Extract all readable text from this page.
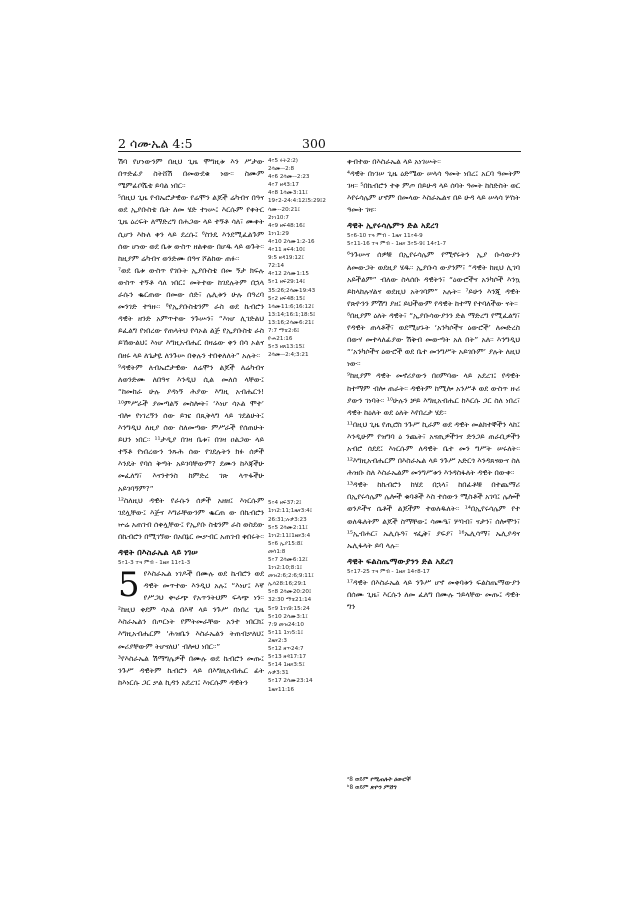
2 ሳሙኤል 4:5	300

ሽባ የሆነውንም በዚህ ጊዜ ሞግዚቱ እን ሥታው በጥድፊያ ስትሸሽ በመውደቁ ነው። ስሙም ሜምፊቦሼቴ ይባል ነበር።

⁵በዚህ ጊዜ የብኤሮታዊው የሬሞን ልጆች ሬካብና በዓና ወደ ኢያቡስቴ ቤት ለመ ሄድ ተነሡ፤ እርሱም የቀትር ጊዜ ዕረፍት ለማድረግ በሐጋው ላይ ተኝቶ ሳለ፣ ሙቀት ሲሆን እኩለ ቀን ላይ ደረሱ፤ ⁶ስንዴ እንደሚፈልጉም ሰው ሆነው ወደ ቤቱ ውስጥ ዘልቀው በሆዱ ላይ ወጉት። ከዚያም ሬካብና ወንድሙ በዓና ሾልከው ጠፉ።

⁷ወደ ቤቱ ውስጥ የገቡት ኢያቡስቴ በመ ኝታ ክፍሉ ውስጥ ተኝቶ ሳለ ነበር፤ መትተው ከገደሉትም በኋላ ራሱን ቈርጠው በመው ሰድ፣ ሌሊቱን ሁሉ በዓረባ መንገድ ተጓዙ። ⁸የኢያቡስቴንም ራስ ወደ ኬብሮን ዳዊት ዘንድ አምጥተው ንጉሡን፣ “እነሆ ሊገድልህ ይፈልግ የነበረው የጠላትህ የሳኦል ልጅ የኢያቡስቴ ራስ ይኸውልህ፤ እነሆ እግዚአብሔር በዛሬው ቀን በሳ ኦልና በዘሩ ላይ ለጌታዬ ለንጉሡ በቀሉን ተበቀለለት” አሉት።

⁹ዳዊትም ለብኤሮታዊው ለሬሞን ልጆች ለሬካብና ለወንድሙ ለበዓና እንዲህ ሲል መለሰ ላቸው፤ “ከመከራ ሁሉ ያዳነኝ ሕያው እግዚ አብሔርን! ¹⁰ምሥራች ያመጣልኝ መስሎት፣ ‘እነሆ ሳኦል ሞተ’ ብሎ የነገረኝን ሰው ይዤ በጺቅላግ ላይ ገደልሁት፤ እንግዲህ ለዚያ ሰው ስለመጣው ምሥራች የሰጠሁት ይህን ነበር። ¹¹ታዲያ በገዛ ቤቱ፣ በገዛ ዐልጋው ላይ ተኝቶ የነበረውን ንጹሕ ሰው የገደሉትን ክፉ ሰዎች እንዴት የባሰ ቅጣት አይገባቸውም? ደሙን ከእጃችሁ መፈለግ፣ እናንተንስ ከምድረ ገጽ ላጥፋችሁ አይገባኝም?”

¹²ስለዚህ ዳዊት የራሱን ሰዎች አዘዘ፤ እነርሱም ገደሏቸው፤ እጅና እግራቸውንም ቈርጠ ው በኬብሮን ኵሬ አጠገብ ሰቀሏቸው፤ የኢያቡ ስቴንም ራስ ወስደው በኬብሮን በሚገኘው በአበኔር መቃብር አጠገብ ቀበሩት።

ዳዊት በእስራኤል ላይ ነገሠ
5፥1-3 ተጓ ምብ - 1ዜና 11፥1-3
5 የእስራኤል ነገዶች በሙሉ ወደ ኬብሮን ወደ ዳዊት መጥተው እንዲህ አሉ፤ “እነሆ፤ እኛ የሥጋህ ቍራጭ የአጥንትህም ፍላጭ ነን። ²ከዚህ ቀደም ሳኦል በእኛ ላይ ንጉሥ በነበረ ጊዜ እስራኤልን በጦርነት የምትመራቸው አንተ ነበርክ፤ እግዚአብሔርም ‘ሕዝቤን እስራኤልን ትጠብቃለህ፤ መሪያቸውም ትሆናለህ’ ብሎህ ነበር።”

³የእስራኤል ሽማግሌዎች በሙሉ ወደ ኬብሮን መጡ፤ ንጉሥ ዳዊትም ኬብሮን ላይ በእግዚአብሔር ፊት ከእነርሱ ጋር ቃል ኪዳን አደረገ፤ እነርሱም ዳዊትን

4፥5 ሩት2:2)
2ሳሙ--2:8
4፥6 2ሳሙ--2:23
4፥7 ዘዳ3:17
4፥8 1ሳሙ3:11፤
19፥2-24:4:12፤5:29፤2
ሳሙ--20:21፤
2ነገ10:7
4፥9 ዘፍ48:16፤
1ነገ1:29
4፥10 2ሳሙ1:2-16
4፥11 ዘፍ4:10፤
9:5 ዘዳ19:12፤
72:14
4፥12 2ሳሙ1:15
5፥1 ዘፍ29:14፤
35:26;2ሳሙ19:43
5፥2 ዘፍ48:15፤
1ሳሙ11:6;16:12፤
13:14;16:1;18:5፤
13:16;2ሳሙ6:21፤
7:7 ማቴ2:6፤
ዮሐ21:16
5፥3 ዘጸ13:15፤
2ሳሙ--2:4;3:21
5፥4 ዘፍ37:2፤
1ነገ2:11;1ዜና3:4፤
26:31;ሉቃ3:23
5፥5 2ሳሙ2:11፤
1ነገ2:11፤1ዜና3:4
5፥6 ኢያ15:8፤
መሳ1:8
5፥7 2ሳሙ6:12፤
1ነገ2:10;8:1፤
መዝ2:6;2:6;9:11፤
ኢሳ28:16;29:1
5፥8 2ሳሙ20:20፤
32:30 ማቴ21:14
5፥9 1ነገ9:15:24
5፥10 2ሳሙ3:1፤
7:9 መዝ24:10
5፥11 1ነገ5:1፤
2ዜና2:3
5፥12 ዘኍ24:7
5፥13 ዘዳ17:17
5፥14 1ዜና3:5፤
ሉቃ3:31
5፥17 2ሳሙ23:14
1ዜና11:16

ቀብተው በእስራኤል ላይ አነገሡት።

⁴ዳዊት በነገሠ ጊዜ ዕድሜው ሠላሳ ዓመት ነበረ፤ አርባ ዓመትም ገዛ። ⁵በኬብሮን ተቀ ምጦ በይሁዳ ላይ ሰባት ዓመት ከስድስት ወር እየሩሳሌም ሆኖም በመላው እስራኤልና በይ ሁዳ ላይ ሠላሳ ሦስት ዓመት ገዛ።

ዳዊት ኢየሩሳሌምን ድል አደረገ
5፥6-10 ተጓ ምብ - 1ዜና 11፥4-9
5፥11-16 ተጓ ምብ - 1ዜና 3፥5-9፤ 14፥1-7

⁶ንጉሡና ሰዎቹ በኢየሩሳሌም የሚኖሩትን ኢያ ቡሳውያን ለመውጋት ወደዚያ ሄዱ። ኢያቡሳ ውያንም፣ “ዳዊት ከዚህ ሊገባ አይችልም” ብለው ስላሰቡ ዳዊትን፣ “ዕውሮችና አንካሶች እንኳ ይከላከሉሃልና ወደዚህ አትገባም” አሉት። ⁷ይሁን እንጂ ዳዊት የጽዮንን ምሽግ ያዘ፤ ይህችውም የዳዊት ከተማ የተባለችው ናት።

⁸በዚያም ዕለት ዳዊት፣ “ኢያቡሳውያንን ድል ማድረግ የሚፈልግ፣ የዳዊት ጠላቶች፣ ወደሚሆኑት ‘አንካሶችና ዕውሮች’ ለመድረስ በውሃ መተላለፊያው ሽቅብ መውጣት አለ በት” አለ። እንግዲህ “‘አንካሶችና ዕውሮች ወደ ቤተ መንግሥት አይገቡም’ ያሉት ለዚህ ነው።

⁹ከዚያም ዳዊት መኖሪያውን በዐምባው ላይ አደረገ፤ የዳዊት ከተማም ብሎ ጠራት። ዳዊትም ከሚሎ አንሥቶ ወደ ውስጥ ዙሪ ያውን ገነባት። ¹⁰ሁሉን ቻይ እግዚአብሔር ከእርሱ ጋር ስለ ነበረ፣ ዳዊት ከዕለት ወደ ዕለት እየበረታ ሄደ።

¹¹በዚህ ጊዜ የጢሮስ ንጉሥ ኪራም ወደ ዳዊት መልክተኞችን ላከ፤ እንዲሁም የዝግባ ዕ ንጨት፣ አናጢዎችንና ድንጋይ ጠራቢዎችን አብሮ ሰደደ፤ እነርሱም ለዳዊት ቤተ መን ግሥት ሠሩለት። ¹²እግዚአብሔርም በእስራኤል ላይ ንጉሥ አድርጎ እንዳጸናውና ስለ ሕዝቡ ስለ እስራኤልም መንግሥቱን እንዳስፋለት ዳዊት በውቀ።

¹³ዳዊት ከኬብሮን ከሄደ በኋላ፣ ከበፊቶቹ በተጨማሪ በኢየሩሳሌም ሌሎች ቁባቶች እስ ተሰውን ሚስቶች አገባ፤ ሌሎች ወንዶችና ሴቶች ልጆችም ተወለዱለት። ¹⁴በኢየሩሳሌም የተ ወለዱለትም ልጆች ስማቸው፤ ሳሙዔ፣ ሦባብ፣ ናታን፣ ሰሎሞን፣ ¹⁵ኢብሐር፣ ኤሊሱዓ፣ ናፌቅ፣ ያፍያ፣ ¹⁶ኤሊሳማ፣ ኤሊያዳና ኤሊፋላት ይባ ላሉ።

ዳዊት ፍልስጤማውያንን ድል አደረገ
5፥17-25 ተጓ ምብ - 1ዜና 14፥8-17

¹⁷ዳዊት በእስራኤል ላይ ንጉሥ ሆኖ መቀባቱን ፍልስጤማውያን በሰሙ ጊዜ፣ እርሱን ለመ ፈለግ በሙሉ ኀይላቸው መጡ፤ ዳዊት ግን

ᵃ8 ወይም የሚጠሉት ዕውሮች
ᵇ8 ወይም ጽዮን ምሽግ
